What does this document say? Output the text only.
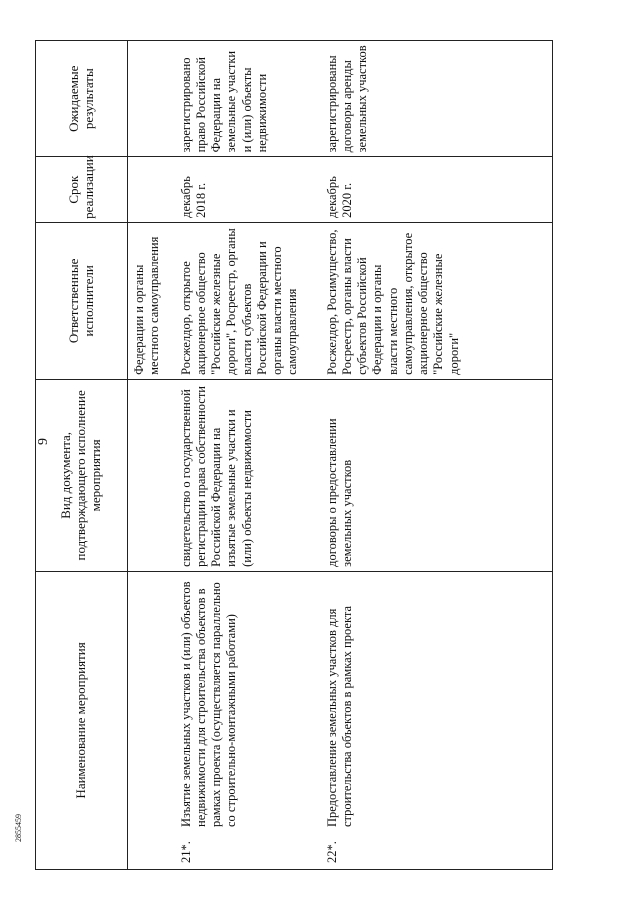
9
2855459
Наименование мероприятия	Вид документа, подтверждающего исполнение мероприятия	Ответственные исполнители	Срок реализации	Ожидаемые результаты
		Федерации и органы местного самоуправления		

21*.
Изъятие земельных участков и (или) объектов недвижимости для строительства объектов в рамках проекта (осуществляется параллельно со строительно-монтажными работами)	свидетельство о государственной регистрации права собственности Российской Федерации на изъятые земельные участки и (или) объекты недвижимости	Росжелдор, открытое акционерное общество "Российские железные дороги", Росреестр, органы власти субъектов Российской Федерации и органы власти местного самоуправления	декабрь 2018 г.	зарегистрировано право Российской Федерации на земельные участки и (или) объекты недвижимости

22*.
Предоставление земельных участков для строительства объектов в рамках проекта	договоры о предоставлении земельных участков	Росжелдор, Росимущество, Росреестр, органы власти субъектов Российской Федерации и органы власти местного самоуправления, открытое акционерное общество "Российские железные дороги"	декабрь 2020 г.	зарегистрированы договоры аренды земельных участков
